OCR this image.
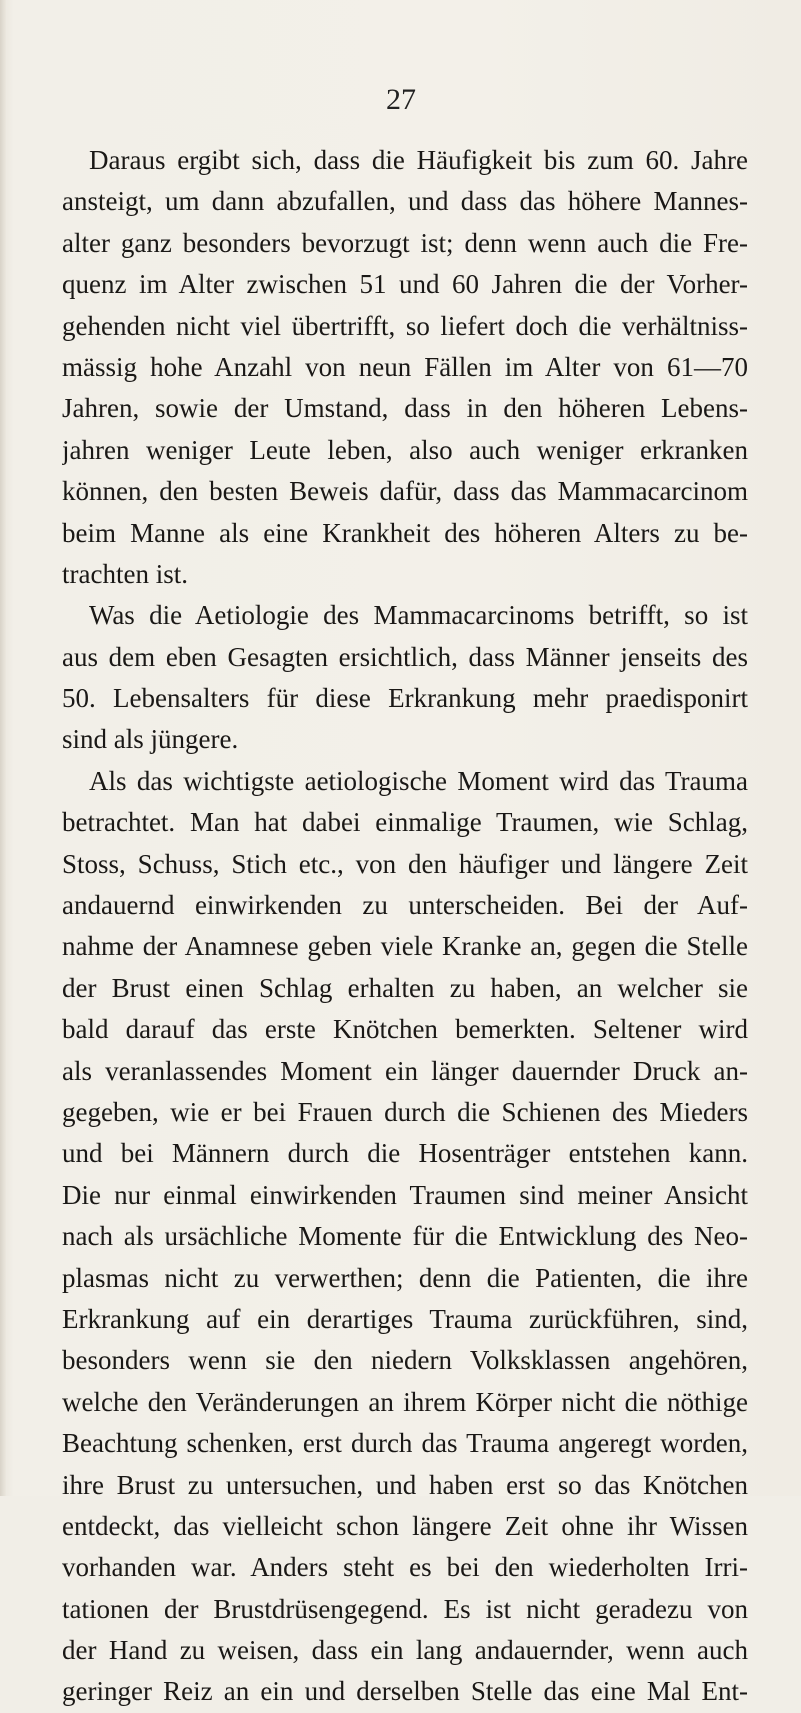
27
Daraus ergibt sich, dass die Häufigkeit bis zum 60. Jahre
ansteigt, um dann abzufallen, und dass das höhere Mannes-
alter ganz besonders bevorzugt ist; denn wenn auch die Fre-
quenz im Alter zwischen 51 und 60 Jahren die der Vorher-
gehenden nicht viel übertrifft, so liefert doch die verhältniss-
mässig hohe Anzahl von neun Fällen im Alter von 61—70
Jahren, sowie der Umstand, dass in den höheren Lebens-
jahren weniger Leute leben, also auch weniger erkranken
können, den besten Beweis dafür, dass das Mammacarcinom
beim Manne als eine Krankheit des höheren Alters zu be-
trachten ist.
Was die Aetiologie des Mammacarcinoms betrifft, so ist
aus dem eben Gesagten ersichtlich, dass Männer jenseits des
50. Lebensalters für diese Erkrankung mehr praedisponirt
sind als jüngere.
Als das wichtigste aetiologische Moment wird das Trauma
betrachtet. Man hat dabei einmalige Traumen, wie Schlag,
Stoss, Schuss, Stich etc., von den häufiger und längere Zeit
andauernd einwirkenden zu unterscheiden. Bei der Auf-
nahme der Anamnese geben viele Kranke an, gegen die Stelle
der Brust einen Schlag erhalten zu haben, an welcher sie
bald darauf das erste Knötchen bemerkten. Seltener wird
als veranlassendes Moment ein länger dauernder Druck an-
gegeben, wie er bei Frauen durch die Schienen des Mieders
und bei Männern durch die Hosenträger entstehen kann.
Die nur einmal einwirkenden Traumen sind meiner Ansicht
nach als ursächliche Momente für die Entwicklung des Neo-
plasmas nicht zu verwerthen; denn die Patienten, die ihre
Erkrankung auf ein derartiges Trauma zurückführen, sind,
besonders wenn sie den niedern Volksklassen angehören,
welche den Veränderungen an ihrem Körper nicht die nöthige
Beachtung schenken, erst durch das Trauma angeregt worden,
ihre Brust zu untersuchen, und haben erst so das Knötchen
entdeckt, das vielleicht schon längere Zeit ohne ihr Wissen
vorhanden war. Anders steht es bei den wiederholten Irri-
tationen der Brustdrüsengegend. Es ist nicht geradezu von
der Hand zu weisen, dass ein lang andauernder, wenn auch
geringer Reiz an ein und derselben Stelle das eine Mal Ent-
